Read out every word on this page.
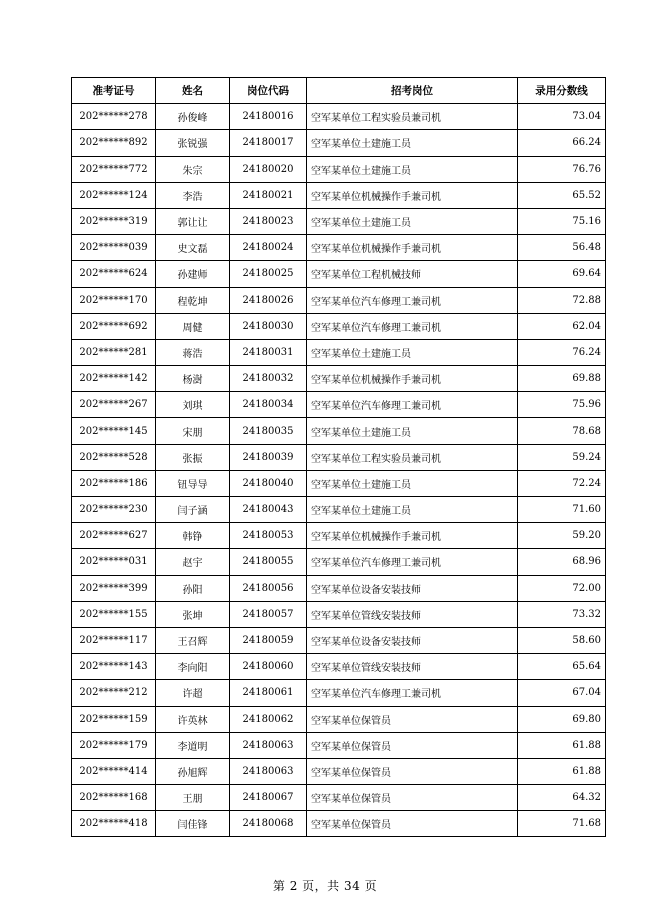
准考证号	姓名	岗位代码	招考岗位	录用分数线
202******278	孙俊峰	24180016	空军某单位工程实验员兼司机	73.04
202******892	张锐强	24180017	空军某单位土建施工员	66.24
202******772	朱宗	24180020	空军某单位土建施工员	76.76
202******124	李浩	24180021	空军某单位机械操作手兼司机	65.52
202******319	郭让让	24180023	空军某单位土建施工员	75.16
202******039	史文磊	24180024	空军某单位机械操作手兼司机	56.48
202******624	孙建师	24180025	空军某单位工程机械技师	69.64
202******170	程乾坤	24180026	空军某单位汽车修理工兼司机	72.88
202******692	周健	24180030	空军某单位汽车修理工兼司机	62.04
202******281	蒋浩	24180031	空军某单位土建施工员	76.24
202******142	杨澍	24180032	空军某单位机械操作手兼司机	69.88
202******267	刘琪	24180034	空军某单位汽车修理工兼司机	75.96
202******145	宋朋	24180035	空军某单位土建施工员	78.68
202******528	张振	24180039	空军某单位工程实验员兼司机	59.24
202******186	钮导导	24180040	空军某单位土建施工员	72.24
202******230	闫子涵	24180043	空军某单位土建施工员	71.60
202******627	韩铮	24180053	空军某单位机械操作手兼司机	59.20
202******031	赵宇	24180055	空军某单位汽车修理工兼司机	68.96
202******399	孙阳	24180056	空军某单位设备安装技师	72.00
202******155	张坤	24180057	空军某单位管线安装技师	73.32
202******117	王召辉	24180059	空军某单位设备安装技师	58.60
202******143	李向阳	24180060	空军某单位管线安装技师	65.64
202******212	许超	24180061	空军某单位汽车修理工兼司机	67.04
202******159	许英林	24180062	空军某单位保管员	69.80
202******179	李道明	24180063	空军某单位保管员	61.88
202******414	孙旭辉	24180063	空军某单位保管员	61.88
202******168	王朋	24180067	空军某单位保管员	64.32
202******418	闫佳锋	24180068	空军某单位保管员	71.68
第 2 页，共 34 页
